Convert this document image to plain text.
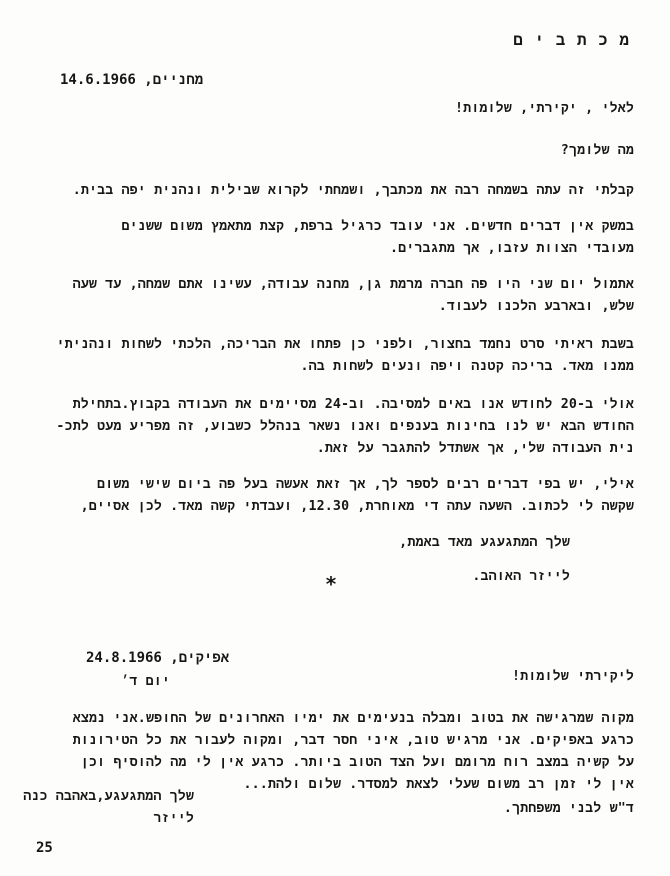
מ כ ת ב י ם
מחניים, 14.6.1966
לאלי , יקירתי, שלומות!
מה שלומך?
קבלתי זה עתה בשמחה רבה את מכתבך, ושמחתי לקרוא שבילית ונהנית יפה בבית.
במשק אין דברים חדשים. אני עובד כרגיל ברפת, קצת מתאמץ משום ששנים
מעובדי הצוות עזבו, אך מתגברים.
אתמול יום שני היו פה חברה מרמת גן, מחנה עבודה, עשינו אתם שמחה, עד שעה
שלש, ובארבע הלכנו לעבוד.
בשבת ראיתי סרט נחמד בחצור, ולפני כן פתחו את הבריכה, הלכתי לשחות ונהניתי
ממנו מאד. בריכה קטנה ויפה ונעים לשחות בה.
אולי ב-20 לחודש אנו באים למסיבה. וב-24 מסיימים את העבודה בקבוץ.בתחילת
החודש הבא יש לנו בחינות בענפים ואנו נשאר בנהלל כשבוע, זה מפריע מעט לתכ-
נית העבודה שלי, אך אשתדל להתגבר על זאת.
אילי, יש בפי דברים רבים לספר לך, אך זאת אעשה בעל פה ביום שישי משום
שקשה לי לכתוב. השעה עתה די מאוחרת, 12.30, ועבדתי קשה מאד. לכן אסיים,
שלך המתגעגע מאד באמת,
לייזר האוהב.
*
אפיקים, 24.8.1966
ליקירתי שלומות!
יום ד׳
מקוה שמרגישה את בטוב ומבלה בנעימים את ימיו האחרונים של החופש.אני נמצא
כרגע באפיקים. אני מרגיש טוב, איני חסר דבר, ומקוה לעבור את כל הטירונות
על קשיה במצב רוח מרומם ועל הצד הטוב ביותר. כרגע אין לי מה להוסיף וכן
אין לי זמן רב משום שעלי לצאת למסדר. שלום ולהת...
שלך המתגעגע,באהבה כנה
ד"ש לבני משפחתך.
לייזר
25
